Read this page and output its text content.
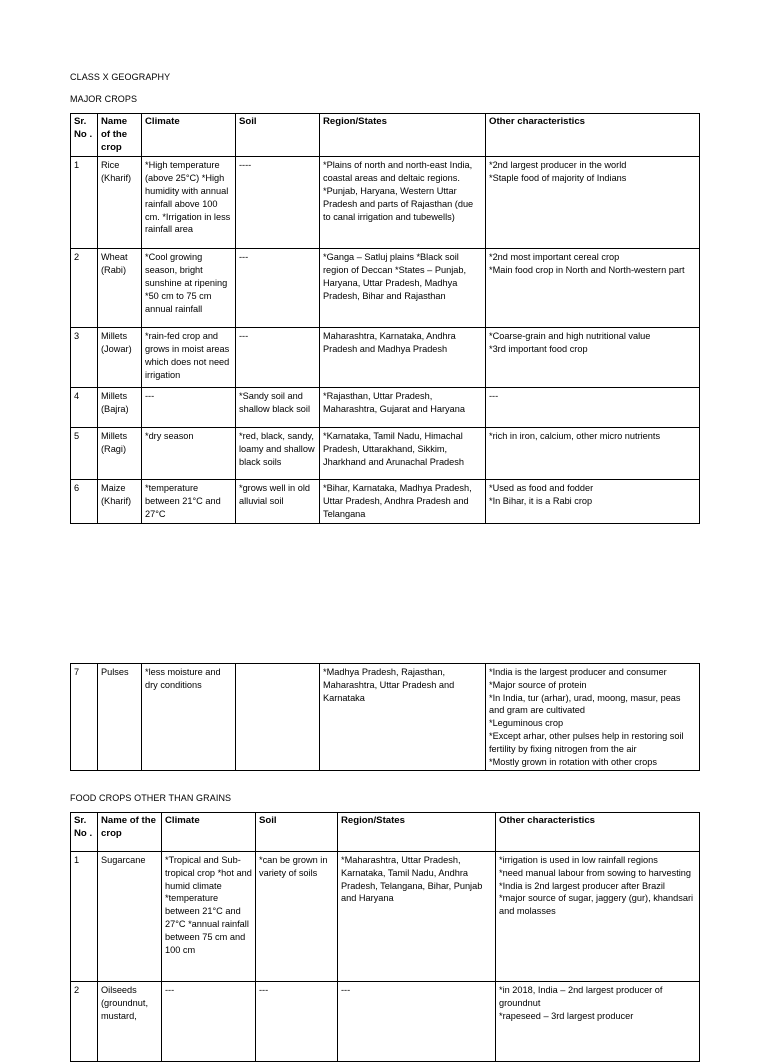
CLASS X GEOGRAPHY
MAJOR CROPS
Sr. No .	Name of the crop	Climate	Soil	Region/States	Other characteristics
1	Rice (Kharif)	*High temperature (above 25°C) *High humidity with annual rainfall above 100 cm. *Irrigation in less rainfall area	----	*Plains of north and north-east India, coastal areas and deltaic regions. *Punjab, Haryana, Western Uttar Pradesh and parts of Rajasthan (due to canal irrigation and tubewells)	*2nd largest producer in the world
*Staple food of majority of Indians

2	Wheat (Rabi)	*Cool growing season, bright sunshine at ripening *50 cm to 75 cm annual rainfall	---	*Ganga – Satluj plains *Black soil region of Deccan *States – Punjab, Haryana, Uttar Pradesh, Madhya Pradesh, Bihar and Rajasthan	*2nd most important cereal crop
*Main food crop in North and North-western part

3	Millets (Jowar)	*rain-fed crop and grows in moist areas which does not need irrigation	---	Maharashtra, Karnataka, Andhra Pradesh and Madhya Pradesh	*Coarse-grain and high nutritional value
*3rd important food crop

4	Millets (Bajra)	---	*Sandy soil and shallow black soil	*Rajasthan, Uttar Pradesh, Maharashtra, Gujarat and Haryana	---

5	Millets (Ragi)	*dry season	*red, black, sandy, loamy and shallow black soils	*Karnataka, Tamil Nadu, Himachal Pradesh, Uttarakhand, Sikkim, Jharkhand and Arunachal Pradesh	*rich in iron, calcium, other micro nutrients

6	Maize (Kharif)	*temperature between 21°C and 27°C	*grows well in old alluvial soil	*Bihar, Karnataka, Madhya Pradesh, Uttar Pradesh, Andhra Pradesh and Telangana	*Used as food and fodder
*In Bihar, it is a Rabi crop
7	Pulses	*less moisture and dry conditions		*Madhya Pradesh, Rajasthan, Maharashtra, Uttar Pradesh and Karnataka	
*India is the largest producer and consumer
*Major source of protein
*In India, tur (arhar), urad, moong, masur, peas and gram are cultivated
*Leguminous crop
*Except arhar, other pulses help in restoring soil fertility by fixing nitrogen from the air
*Mostly grown in rotation with other crops
FOOD CROPS OTHER THAN GRAINS
Sr. No .	Name of the crop	Climate	Soil	Region/States	Other characteristics
1	Sugarcane	*Tropical and Sub-tropical crop *hot and humid climate *temperature between 21°C and 27°C *annual rainfall between 75 cm and 100 cm	*can be grown in variety of soils	*Maharashtra, Uttar Pradesh, Karnataka, Tamil Nadu, Andhra Pradesh, Telangana, Bihar, Punjab and Haryana	*irrigation is used in low rainfall regions
*need manual labour from sowing to harvesting
*India is 2nd largest producer after Brazil
*major source of sugar, jaggery (gur), khandsari and molasses

2	Oilseeds (groundnut, mustard,	---	---	---	*in 2018, India – 2nd largest producer of groundnut
*rapeseed – 3rd largest producer
